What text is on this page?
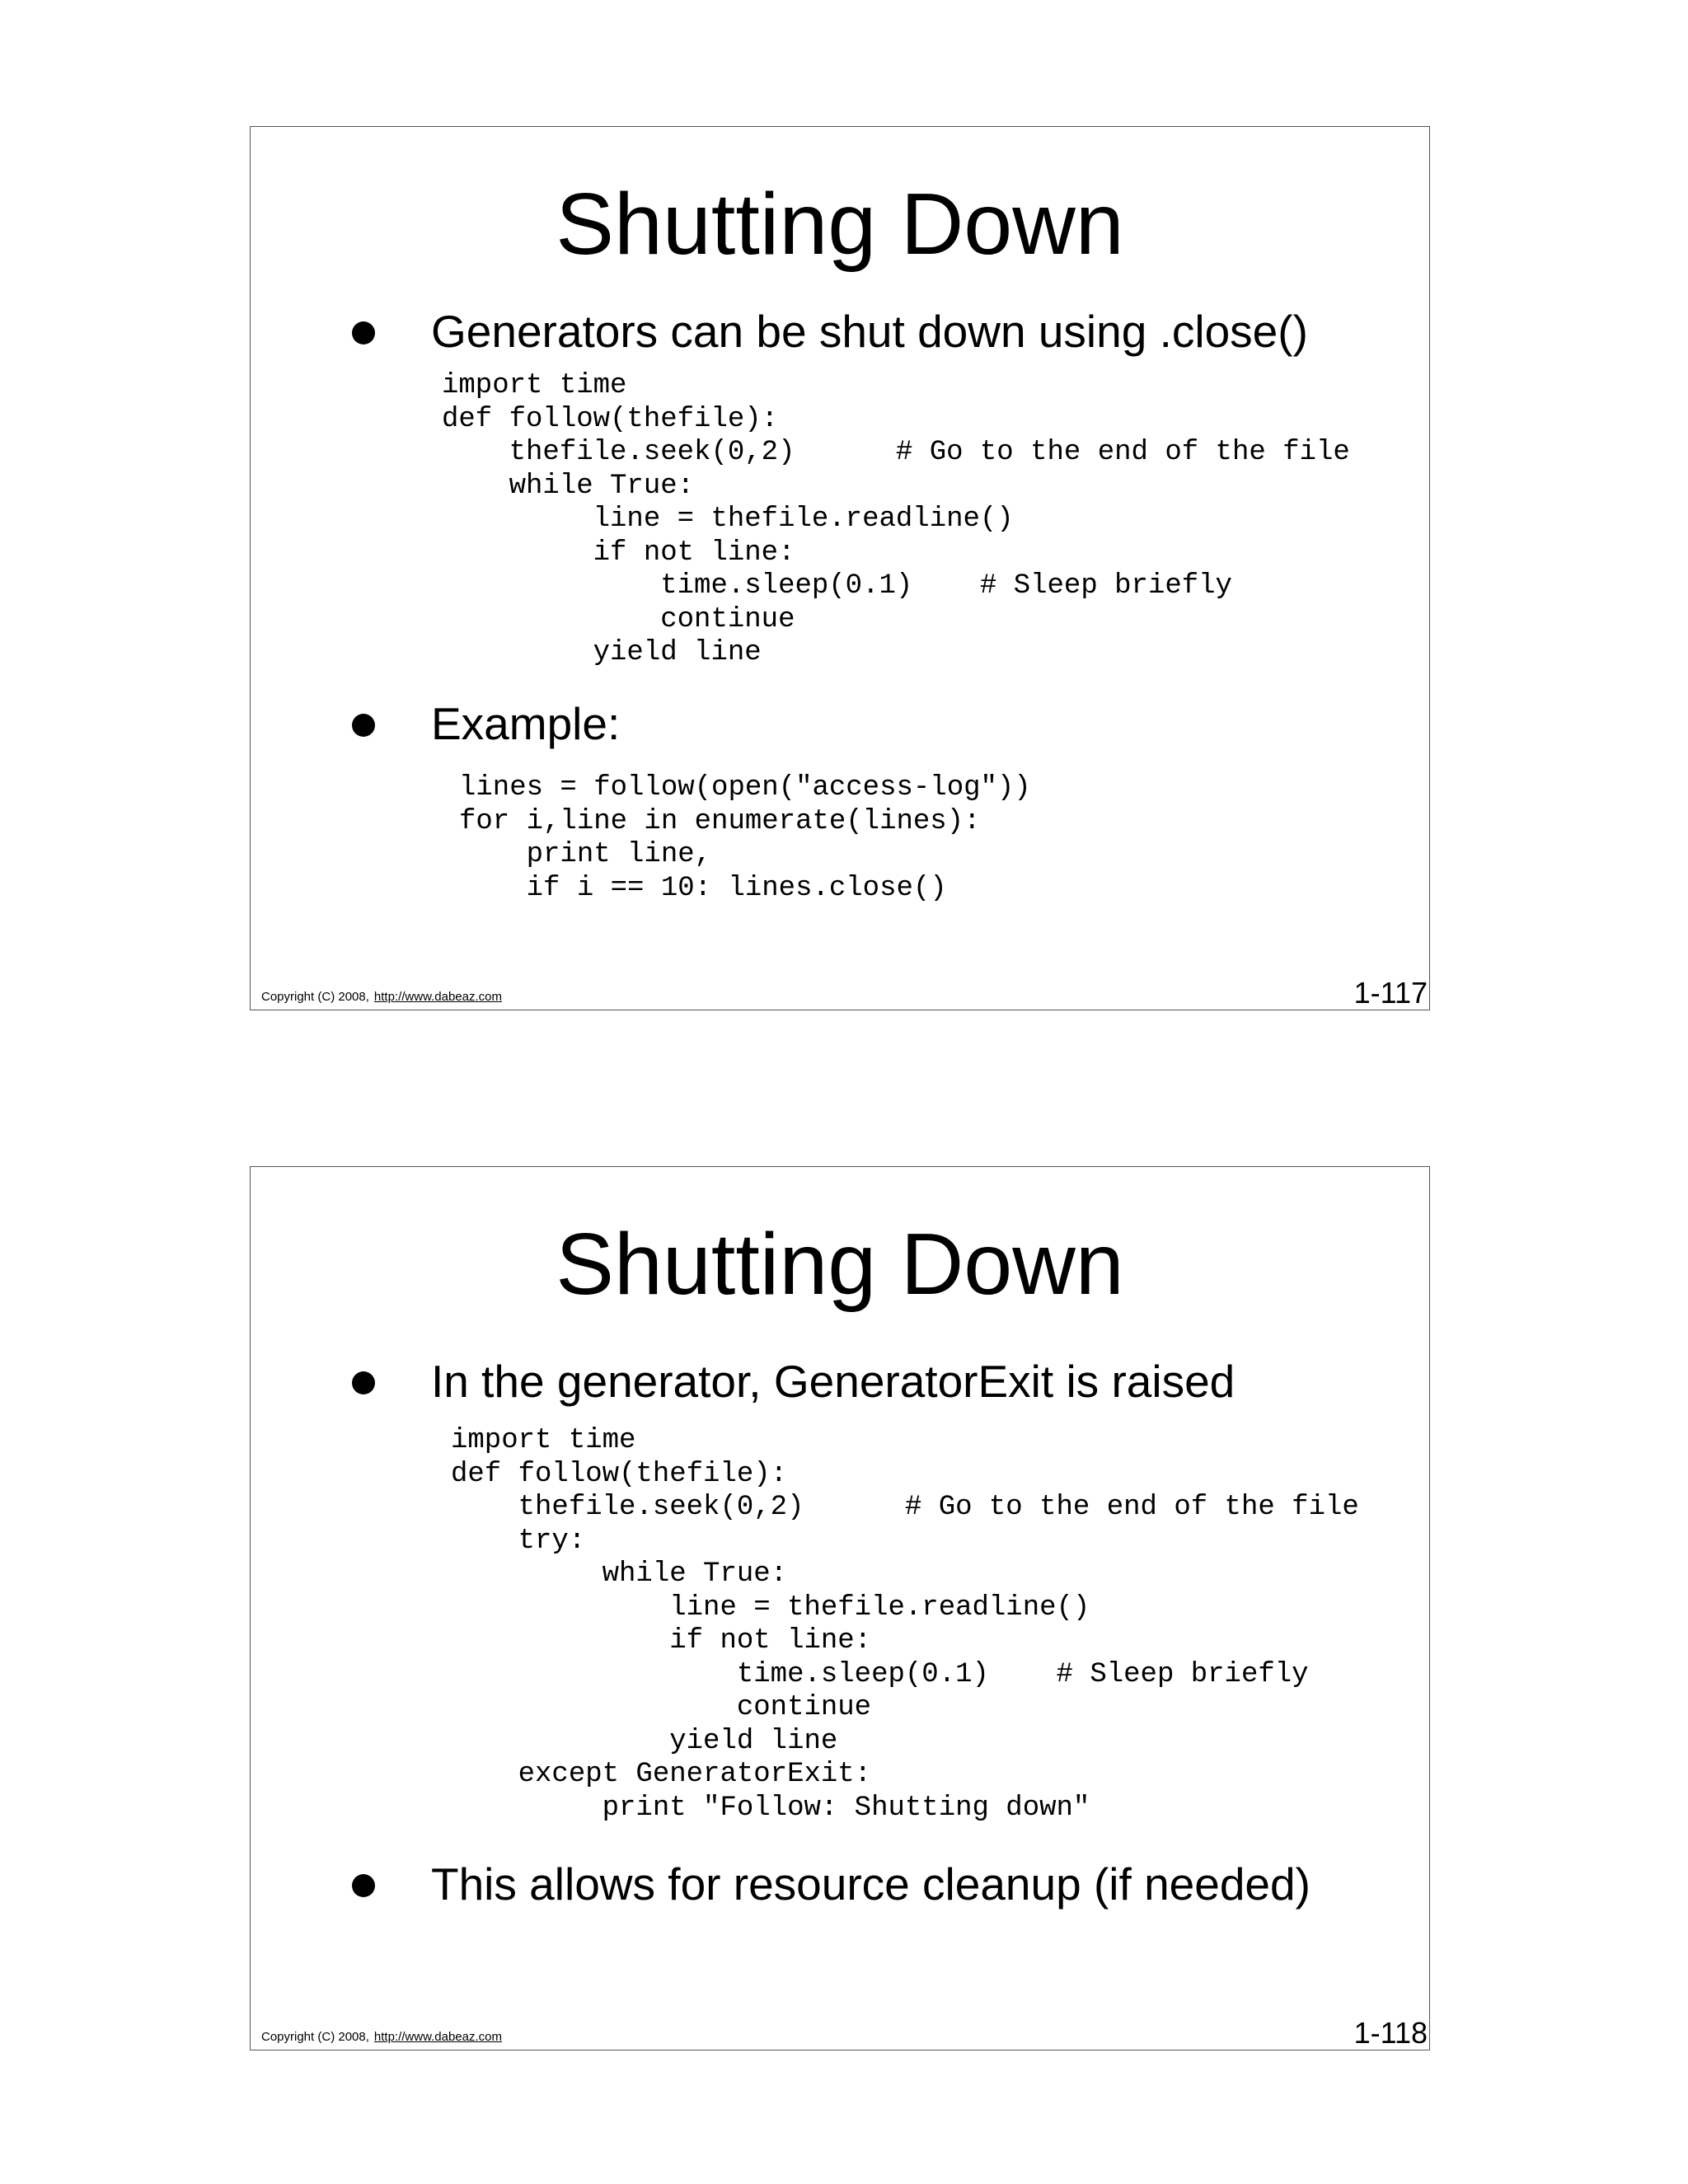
Shutting Down
Generators can be shut down using .close()
import time
def follow(thefile):
thefile.seek(0,2)      # Go to the end of the file
while True:
line = thefile.readline()
if not line:
time.sleep(0.1)    # Sleep briefly
continue
yield line
Example:
lines = follow(open("access-log"))
for i,line in enumerate(lines):
print line,
if i == 10: lines.close()
Copyright (C) 2008, http://www.dabeaz.com	1-117
Shutting Down
In the generator, GeneratorExit is raised
import time
def follow(thefile):
thefile.seek(0,2)      # Go to the end of the file
try:
while True:
line = thefile.readline()
if not line:
time.sleep(0.1)    # Sleep briefly
continue
yield line
except GeneratorExit:
print "Follow: Shutting down"
This allows for resource cleanup (if needed)
Copyright (C) 2008, http://www.dabeaz.com	1-118
